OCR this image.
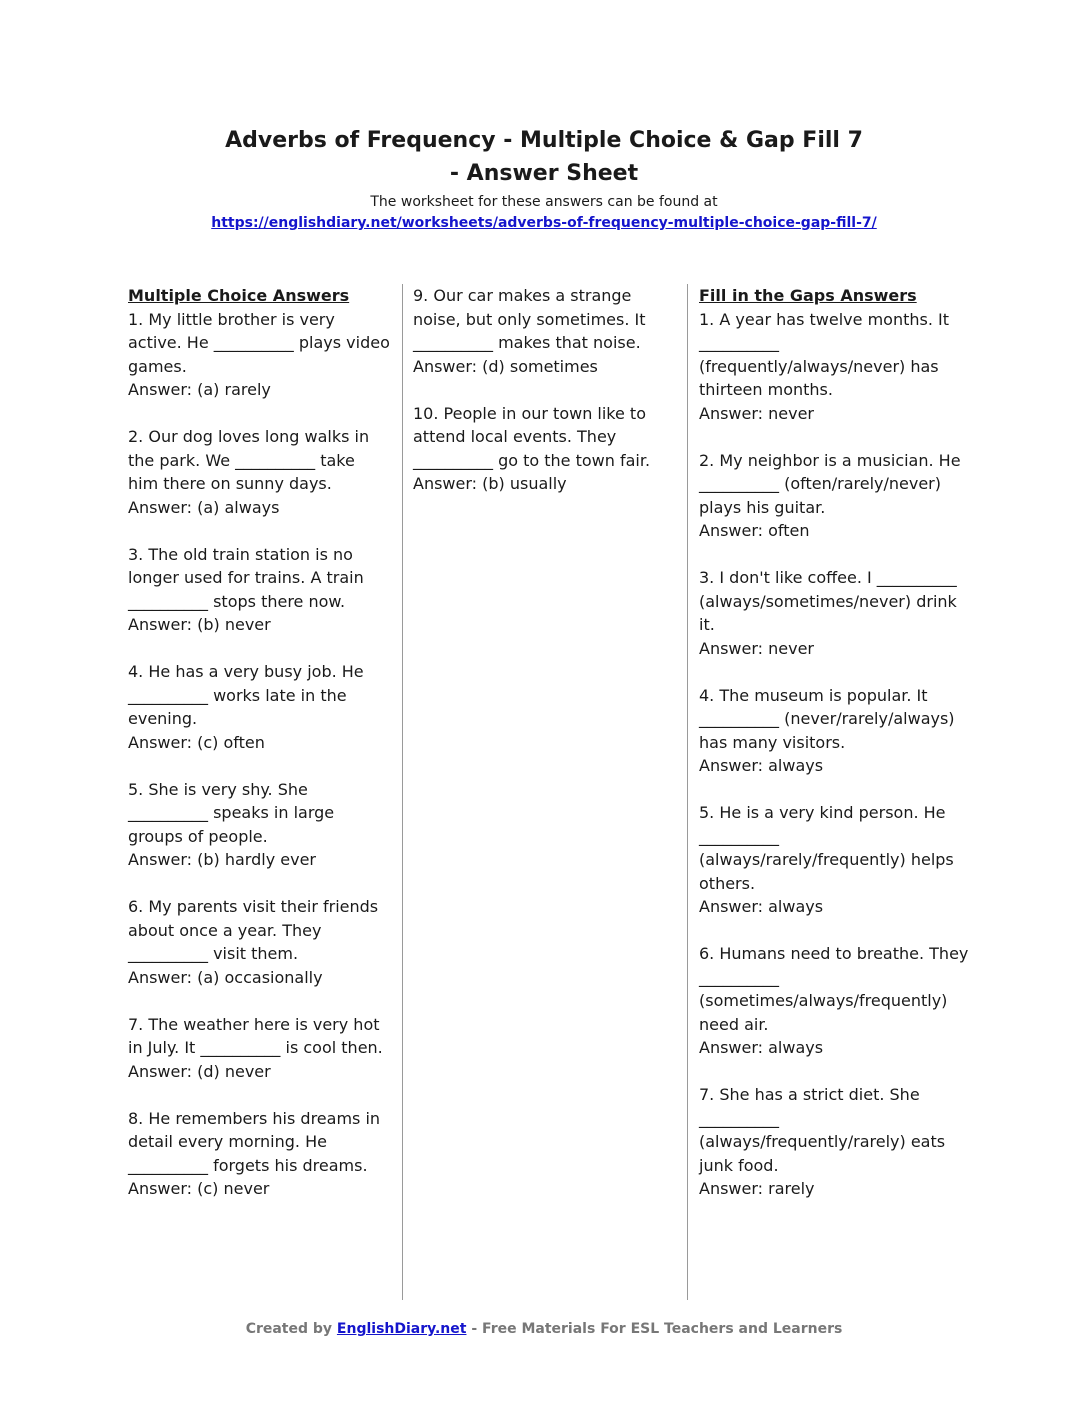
Adverbs of Frequency - Multiple Choice & Gap Fill 7 - Answer Sheet
The worksheet for these answers can be found at
https://englishdiary.net/worksheets/adverbs-of-frequency-multiple-choice-gap-fill-7/
Multiple Choice Answers
1. My little brother is very active. He __________ plays video games.
Answer: (a) rarely
2. Our dog loves long walks in the park. We __________ take him there on sunny days.
Answer: (a) always
3. The old train station is no longer used for trains. A train __________ stops there now.
Answer: (b) never
4. He has a very busy job. He __________ works late in the evening.
Answer: (c) often
5. She is very shy. She __________ speaks in large groups of people.
Answer: (b) hardly ever
6. My parents visit their friends about once a year. They __________ visit them.
Answer: (a) occasionally
7. The weather here is very hot in July. It __________ is cool then.
Answer: (d) never
8. He remembers his dreams in detail every morning. He __________ forgets his dreams.
Answer: (c) never
9. Our car makes a strange noise, but only sometimes. It __________ makes that noise.
Answer: (d) sometimes
10. People in our town like to attend local events. They __________ go to the town fair.
Answer: (b) usually
Fill in the Gaps Answers
1. A year has twelve months. It __________ (frequently/always/never) has thirteen months.
Answer: never
2. My neighbor is a musician. He __________ (often/rarely/never) plays his guitar.
Answer: often
3. I don't like coffee. I __________ (always/sometimes/never) drink it.
Answer: never
4. The museum is popular. It __________ (never/rarely/always) has many visitors.
Answer: always
5. He is a very kind person. He __________ (always/rarely/frequently) helps others.
Answer: always
6. Humans need to breathe. They __________ (sometimes/always/frequently) need air.
Answer: always
7. She has a strict diet. She __________ (always/frequently/rarely) eats junk food.
Answer: rarely
Created by EnglishDiary.net - Free Materials For ESL Teachers and Learners
